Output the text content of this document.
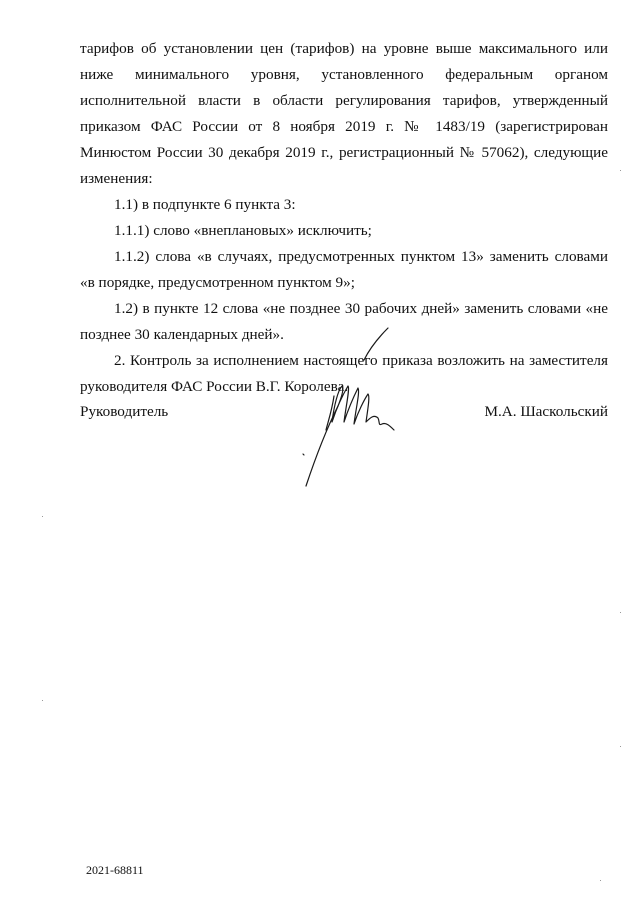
тарифов об установлении цен (тарифов) на уровне выше максимального или ниже минимального уровня, установленного федеральным органом исполнительной власти в области регулирования тарифов, утвержденный приказом ФАС России от 8 ноября 2019 г. № 1483/19 (зарегистрирован Минюстом России 30 декабря 2019 г., регистрационный № 57062), следующие изменения:

1.1) в подпункте 6 пункта 3:

1.1.1) слово «внеплановых» исключить;

1.1.2) слова «в случаях, предусмотренных пунктом 13» заменить словами «в порядке, предусмотренном пунктом 9»;

1.2) в пункте 12 слова «не позднее 30 рабочих дней» заменить словами «не позднее 30 календарных дней».

2. Контроль за исполнением настоящего приказа возложить на заместителя руководителя ФАС России В.Г. Королева.

Руководитель	М.А. Шаскольский
2021-68811
